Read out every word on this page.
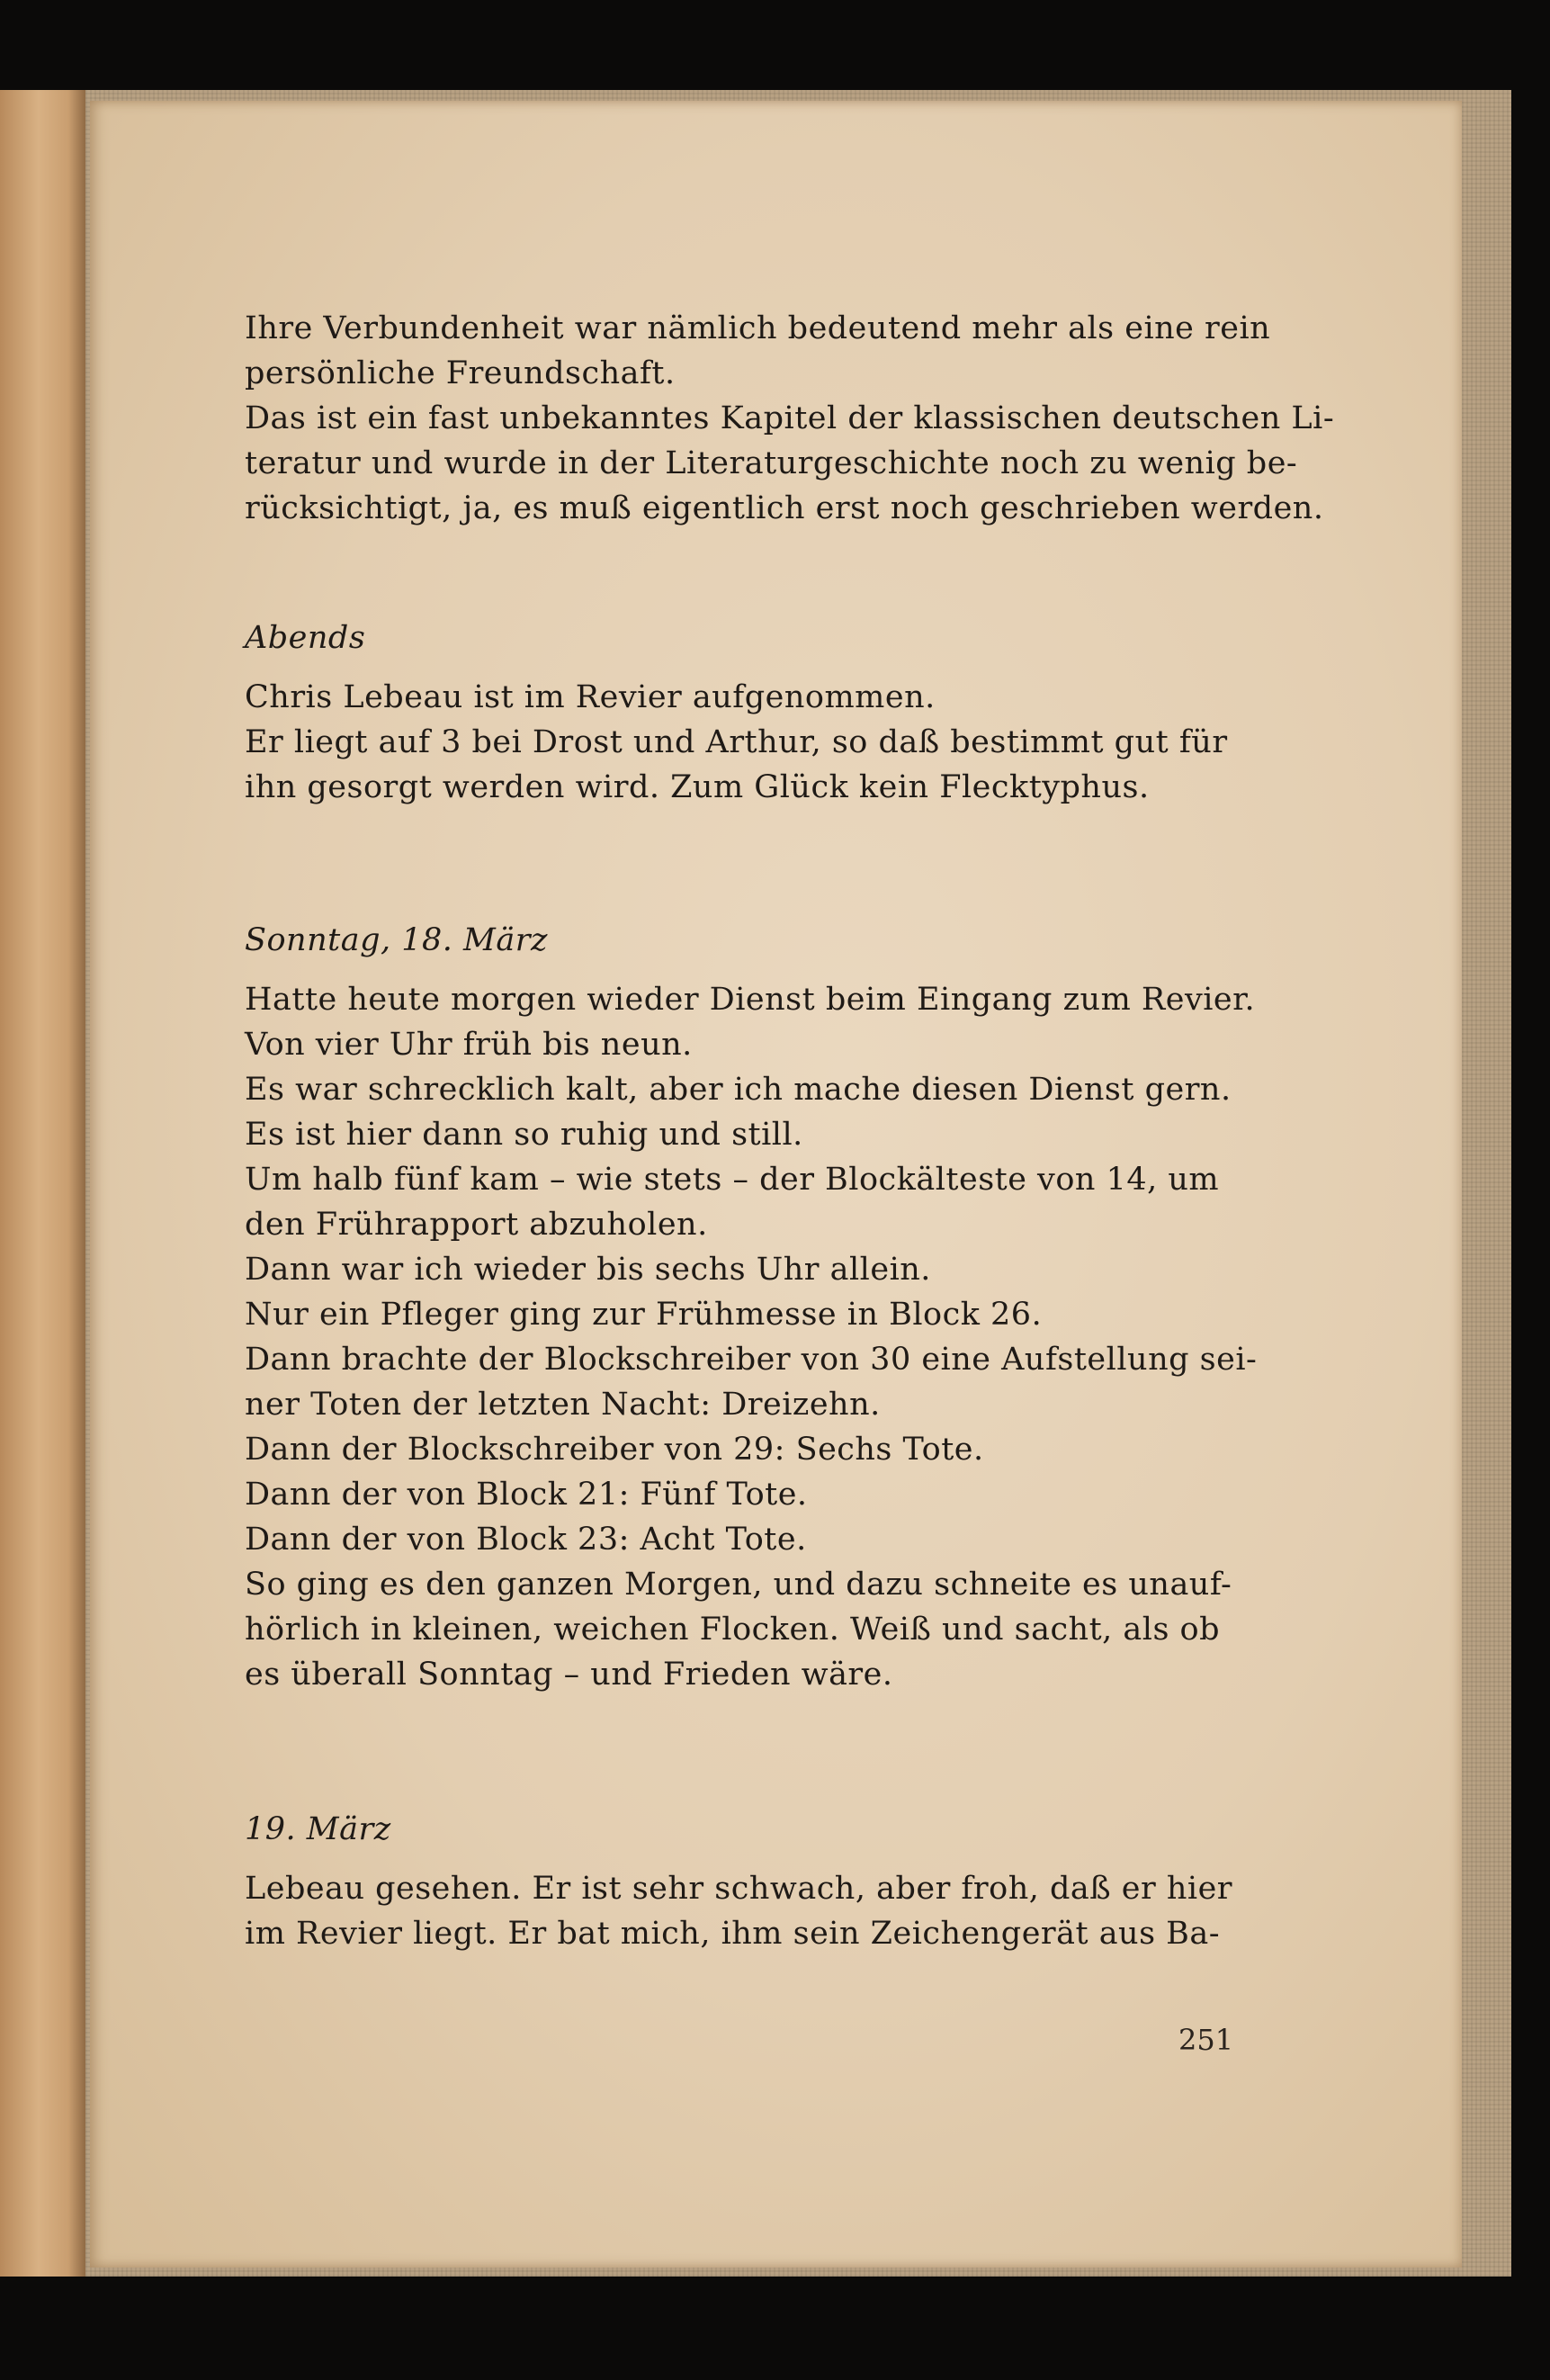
Ihre Verbundenheit war nämlich bedeutend mehr als eine rein
persönliche Freundschaft.
Das ist ein fast unbekanntes Kapitel der klassischen deutschen Li-
teratur und wurde in der Literaturgeschichte noch zu wenig be-
rücksichtigt, ja, es muß eigentlich erst noch geschrieben werden.
Abends
Chris Lebeau ist im Revier aufgenommen.
Er liegt auf 3 bei Drost und Arthur, so daß bestimmt gut für
ihn gesorgt werden wird. Zum Glück kein Flecktyphus.
Sonntag, 18. März
Hatte heute morgen wieder Dienst beim Eingang zum Revier.
Von vier Uhr früh bis neun.
Es war schrecklich kalt, aber ich mache diesen Dienst gern.
Es ist hier dann so ruhig und still.
Um halb fünf kam – wie stets – der Blockälteste von 14, um
den Frührapport abzuholen.
Dann war ich wieder bis sechs Uhr allein.
Nur ein Pfleger ging zur Frühmesse in Block 26.
Dann brachte der Blockschreiber von 30 eine Aufstellung sei-
ner Toten der letzten Nacht: Dreizehn.
Dann der Blockschreiber von 29: Sechs Tote.
Dann der von Block 21: Fünf Tote.
Dann der von Block 23: Acht Tote.
So ging es den ganzen Morgen, und dazu schneite es unauf-
hörlich in kleinen, weichen Flocken. Weiß und sacht, als ob
es überall Sonntag – und Frieden wäre.
19. März
Lebeau gesehen. Er ist sehr schwach, aber froh, daß er hier
im Revier liegt. Er bat mich, ihm sein Zeichengerät aus Ba-
251
